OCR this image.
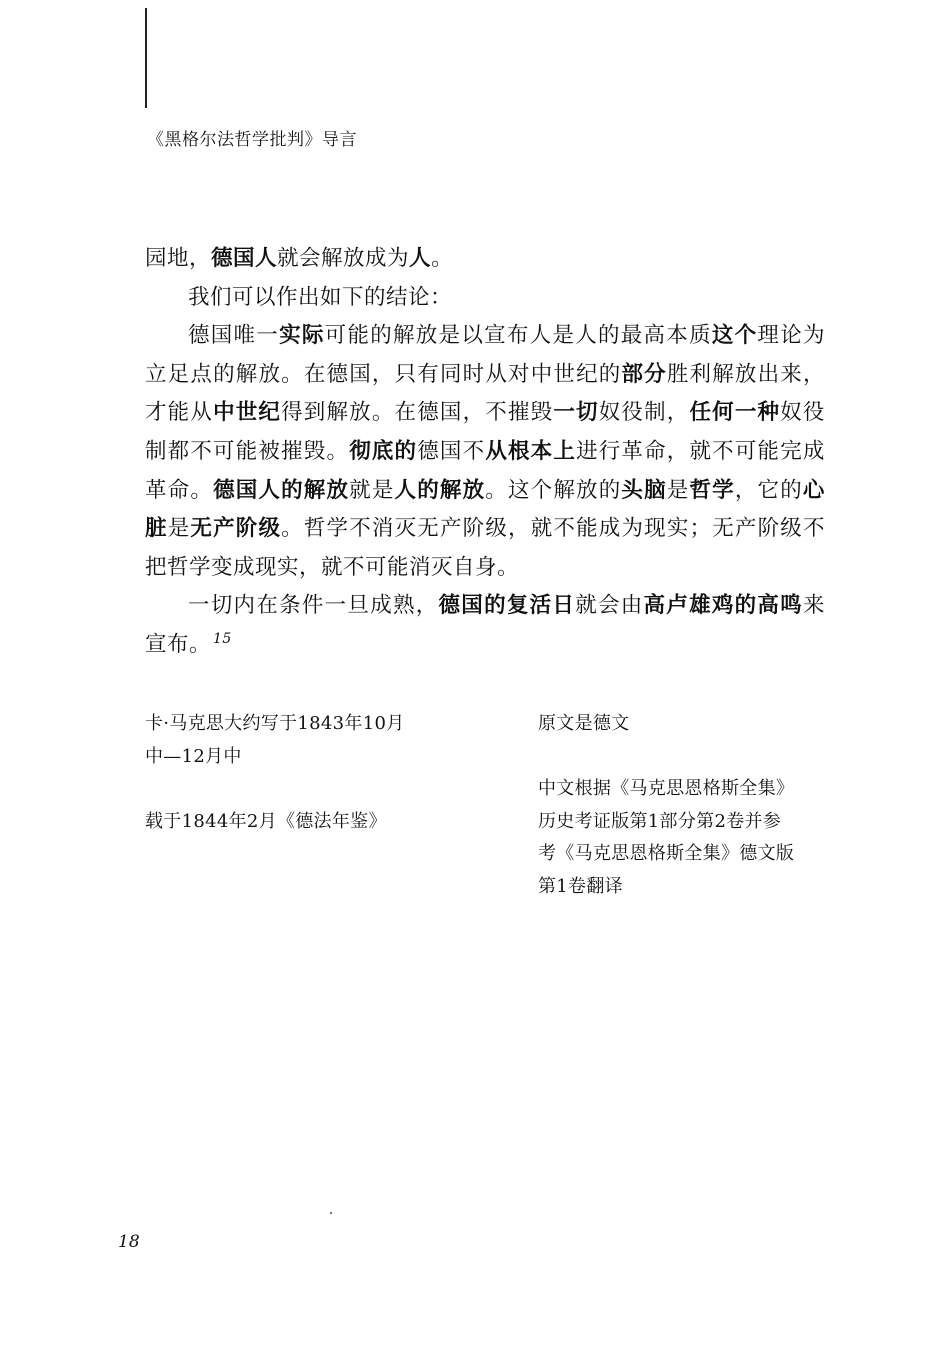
《黑格尔法哲学批判》导言

园地，德国人就会解放成为人。

我们可以作出如下的结论：

德国唯一实际可能的解放是以宣布人是人的最高本质这个理论为立足点的解放。在德国，只有同时从对中世纪的部分胜利解放出来，才能从中世纪得到解放。在德国，不摧毁一切奴役制，任何一种奴役制都不可能被摧毁。彻底的德国不从根本上进行革命，就不可能完成革命。德国人的解放就是人的解放。这个解放的头脑是哲学，它的心脏是无产阶级。哲学不消灭无产阶级，就不能成为现实；无产阶级不把哲学变成现实，就不可能消灭自身。

一切内在条件一旦成熟，德国的复活日就会由高卢雄鸡的高鸣来宣布。 $^{15}$

卡·马克思大约写于1843年10月
中—12月中
载于1844年2月《德法年鉴》
原文是德文
中文根据《马克思恩格斯全集》
历史考证版第1部分第2卷并参
考《马克思恩格斯全集》德文版
第1卷翻译
18
